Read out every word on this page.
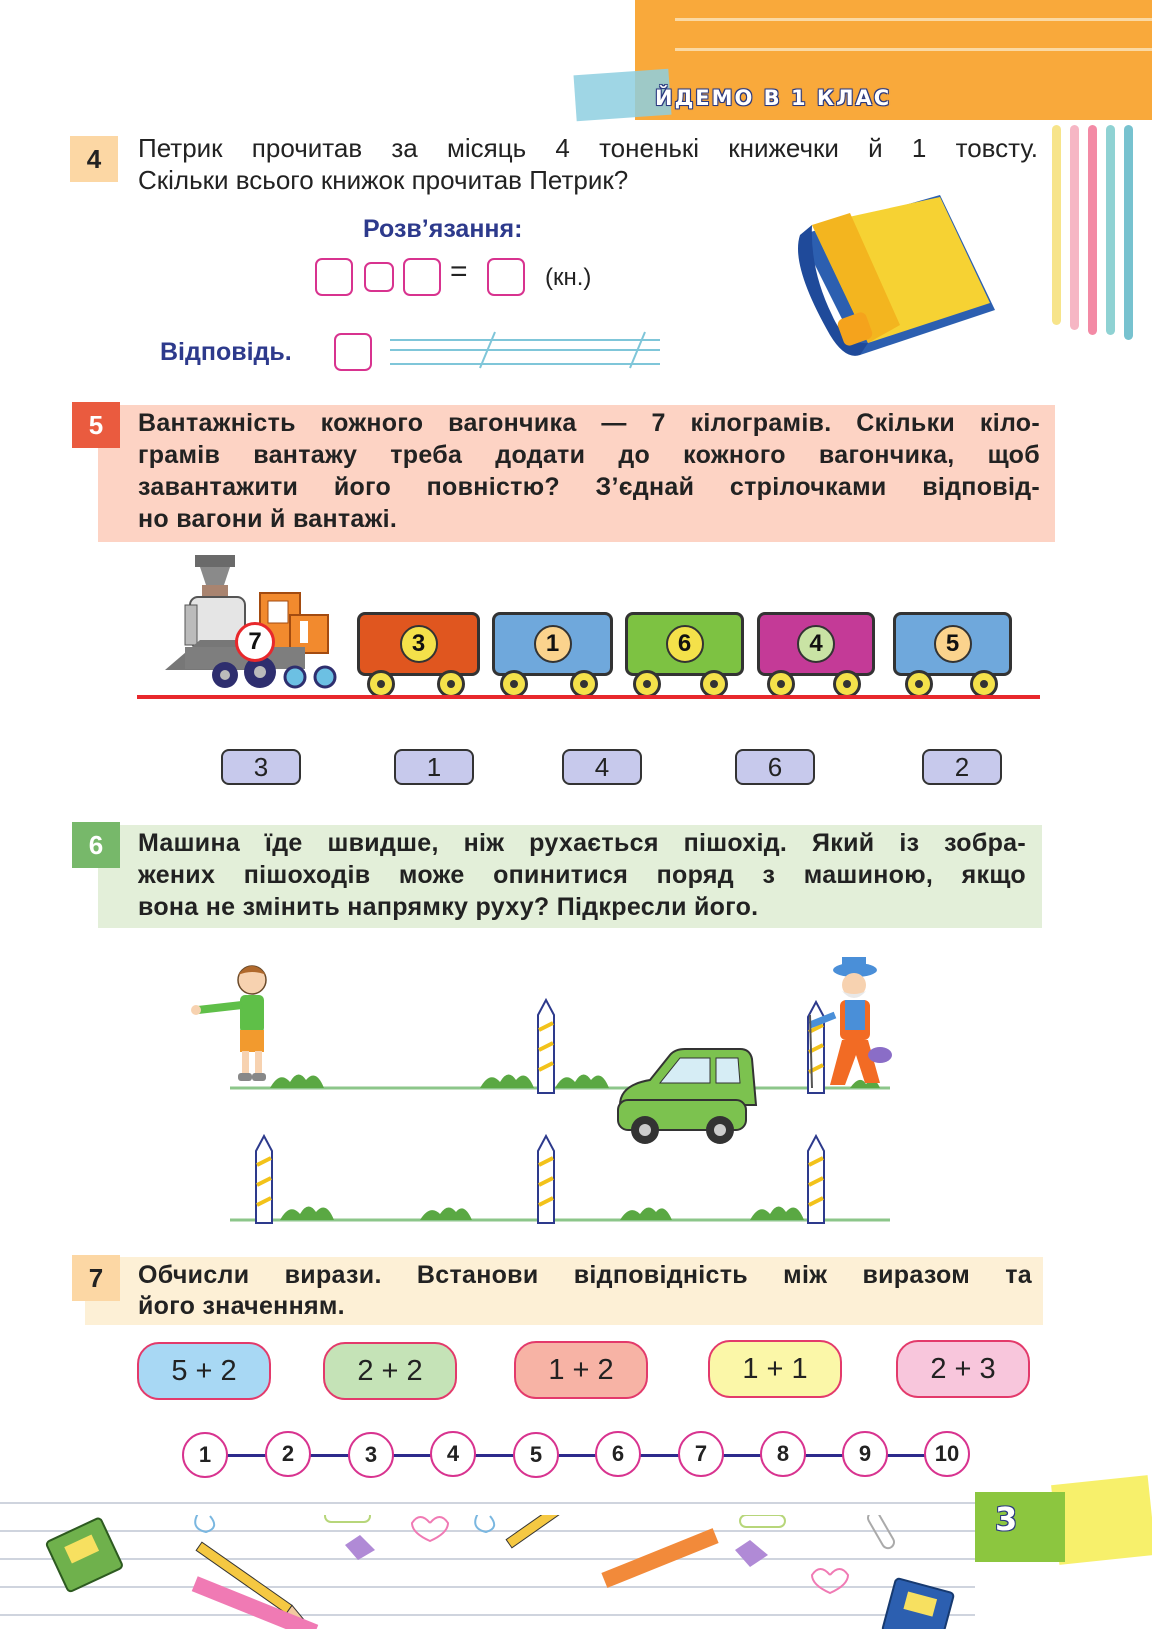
ЙДЕМО В 1 КЛАС
4	Петрик прочитав за місяць 4 тоненькі книжечки й 1 товсту.
Скільки всього книжок прочитав Петрик?
Розв’язання:
=	(кн.)
Відповідь.
5	Вантажність кожного вагончика — 7 кілограмів. Скільки кіло-
грамів вантажу треба додати до кожного вагончика, щоб
завантажити його повністю? З’єднай стрілочками відповід-
но вагони й вантажі.
7	3	1	6	4	5
3	1	4	6	2
6	Машина їде швидше, ніж рухається пішохід. Який із зобра-
жених пішоходів може опинитися поряд з машиною, якщо
вона не змінить напрямку руху? Підкресли його.
7	Обчисли вирази. Встанови відповідність між виразом та
його значенням.
5 + 2	2 + 2	1 + 2	1 + 1	2 + 3
1	2	3	4	5	6	7	8	9	10
3
